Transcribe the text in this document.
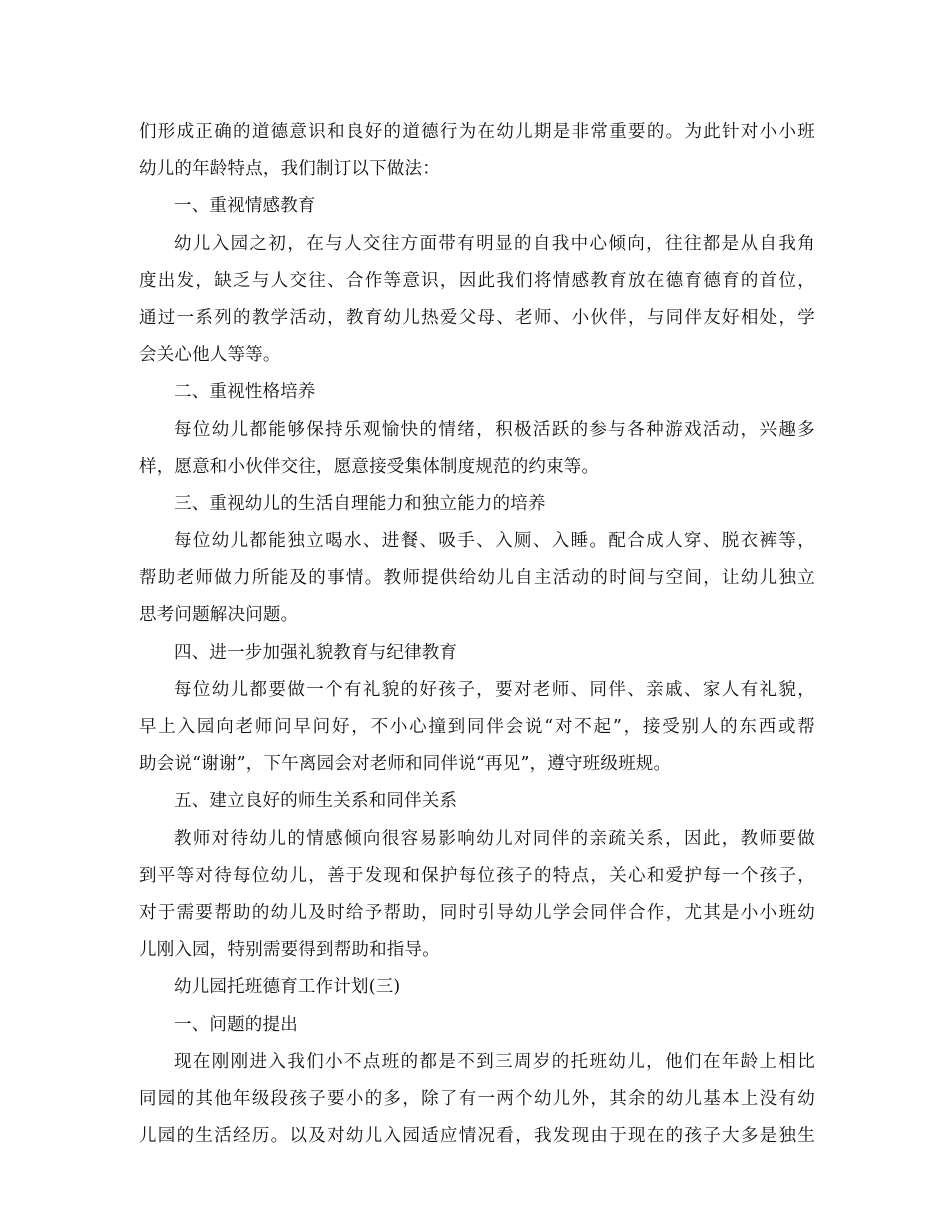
们形成正确的道德意识和良好的道德行为在幼儿期是非常重要的。为此针对小小班
幼儿的年龄特点，我们制订以下做法：
一、重视情感教育
幼儿入园之初，在与人交往方面带有明显的自我中心倾向，往往都是从自我角
度出发，缺乏与人交往、合作等意识，因此我们将情感教育放在德育德育的首位，
通过一系列的教学活动，教育幼儿热爱父母、老师、小伙伴，与同伴友好相处，学
会关心他人等等。
二、重视性格培养
每位幼儿都能够保持乐观愉快的情绪，积极活跃的参与各种游戏活动，兴趣多
样，愿意和小伙伴交往，愿意接受集体制度规范的约束等。
三、重视幼儿的生活自理能力和独立能力的培养
每位幼儿都能独立喝水、进餐、吸手、入厕、入睡。配合成人穿、脱衣裤等，
帮助老师做力所能及的事情。教师提供给幼儿自主活动的时间与空间，让幼儿独立
思考问题解决问题。
四、进一步加强礼貌教育与纪律教育
每位幼儿都要做一个有礼貌的好孩子，要对老师、同伴、亲戚、家人有礼貌，
早上入园向老师问早问好，不小心撞到同伴会说“对不起”，接受别人的东西或帮
助会说“谢谢”，下午离园会对老师和同伴说“再见”，遵守班级班规。
五、建立良好的师生关系和同伴关系
教师对待幼儿的情感倾向很容易影响幼儿对同伴的亲疏关系，因此，教师要做
到平等对待每位幼儿，善于发现和保护每位孩子的特点，关心和爱护每一个孩子，
对于需要帮助的幼儿及时给予帮助，同时引导幼儿学会同伴合作，尤其是小小班幼
儿刚入园，特别需要得到帮助和指导。
幼儿园托班德育工作计划(三)
一、问题的提出
现在刚刚进入我们小不点班的都是不到三周岁的托班幼儿，他们在年龄上相比
同园的其他年级段孩子要小的多，除了有一两个幼儿外，其余的幼儿基本上没有幼
儿园的生活经历。以及对幼儿入园适应情况看，我发现由于现在的孩子大多是独生
